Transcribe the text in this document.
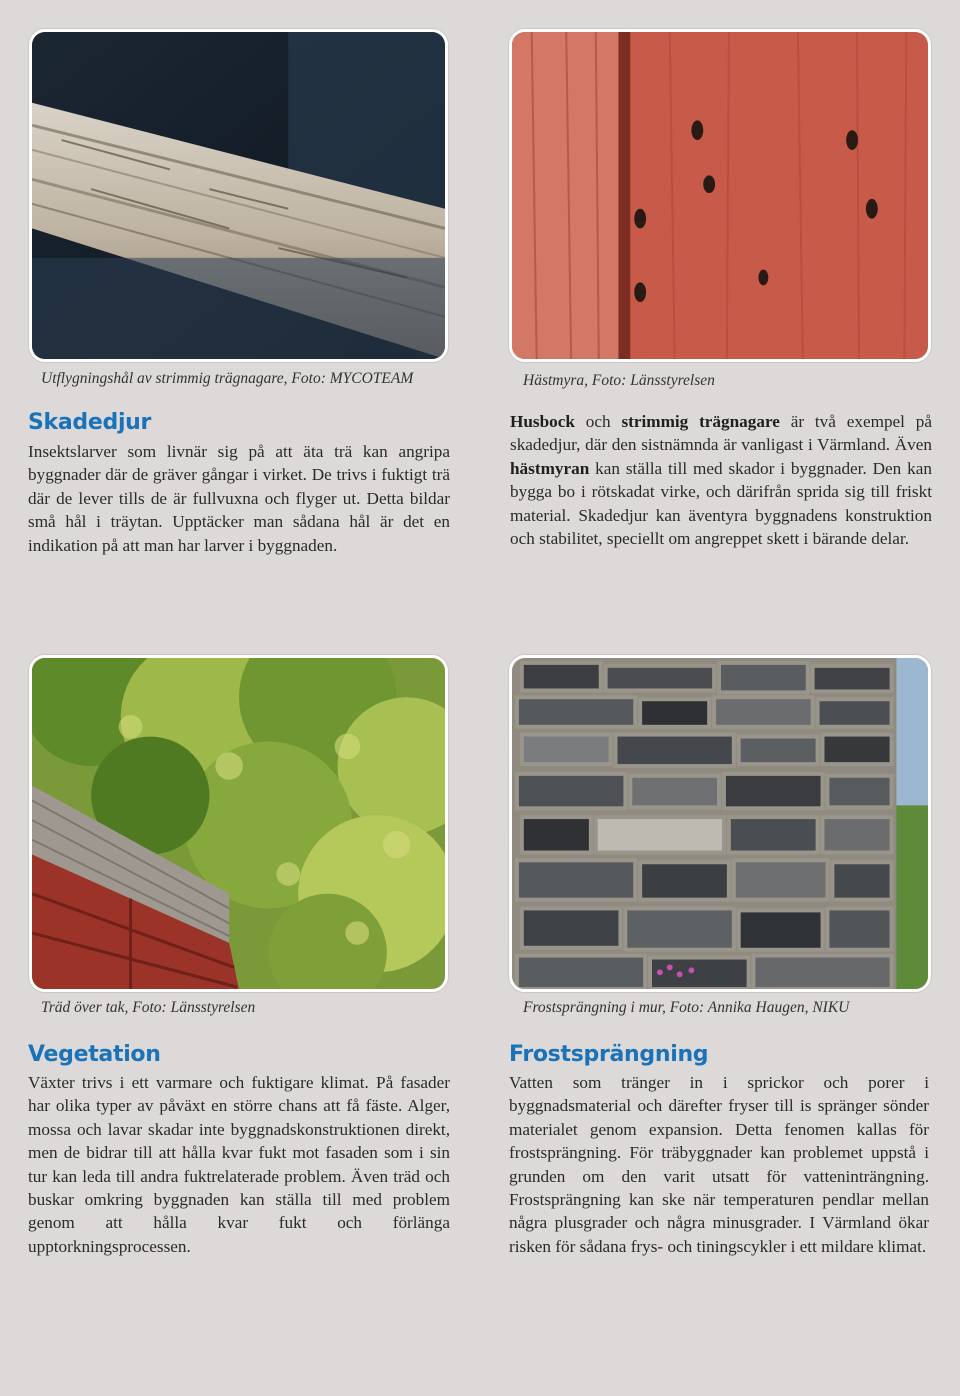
Utflygningshål av strimmig trägnagare, Foto: MYCOTEAM	Hästmyra, Foto: Länsstyrelsen
Skadedjur

Insektslarver som livnär sig på att äta trä kan angripa byggnader där de gräver gångar i virket. De trivs i fuktigt trä där de lever tills de är fullvuxna och flyger ut. Detta bildar små hål i träytan. Upptäcker man sådana hål är det en indikation på att man har larver i byggnaden.

Husbock och strimmig trägnagare är två exempel på skadedjur, där den sistnämnda är vanligast i Värmland. Även hästmyran kan ställa till med skador i byggnader. Den kan bygga bo i rötskadat virke, och därifrån sprida sig till friskt material. Skadedjur kan äventyra byggnadens konstruktion och stabilitet, speciellt om angreppet skett i bärande delar.

Träd över tak, Foto: Länsstyrelsen	Frostsprängning i mur, Foto: Annika Haugen, NIKU
Vegetation

Växter trivs i ett varmare och fuktigare klimat. På fasader har olika typer av påväxt en större chans att få fäste. Alger, mossa och lavar skadar inte byggnadskonstruktionen direkt, men de bidrar till att hålla kvar fukt mot fasaden som i sin tur kan leda till andra fuktrelaterade problem. Även träd och buskar omkring byggnaden kan ställa till med problem genom att hålla kvar fukt och förlänga upptorkningsprocessen.

Frostsprängning

Vatten som tränger in i sprickor och porer i byggnadsmaterial och därefter fryser till is spränger sönder materialet genom expansion. Detta fenomen kallas för frostsprängning. För träbyggnader kan problemet uppstå i grunden om den varit utsatt för vatteninträngning. Frostsprängning kan ske när temperaturen pendlar mellan några plusgrader och några minusgrader. I Värmland ökar risken för sådana frys- och tiningscykler i ett mildare klimat.
